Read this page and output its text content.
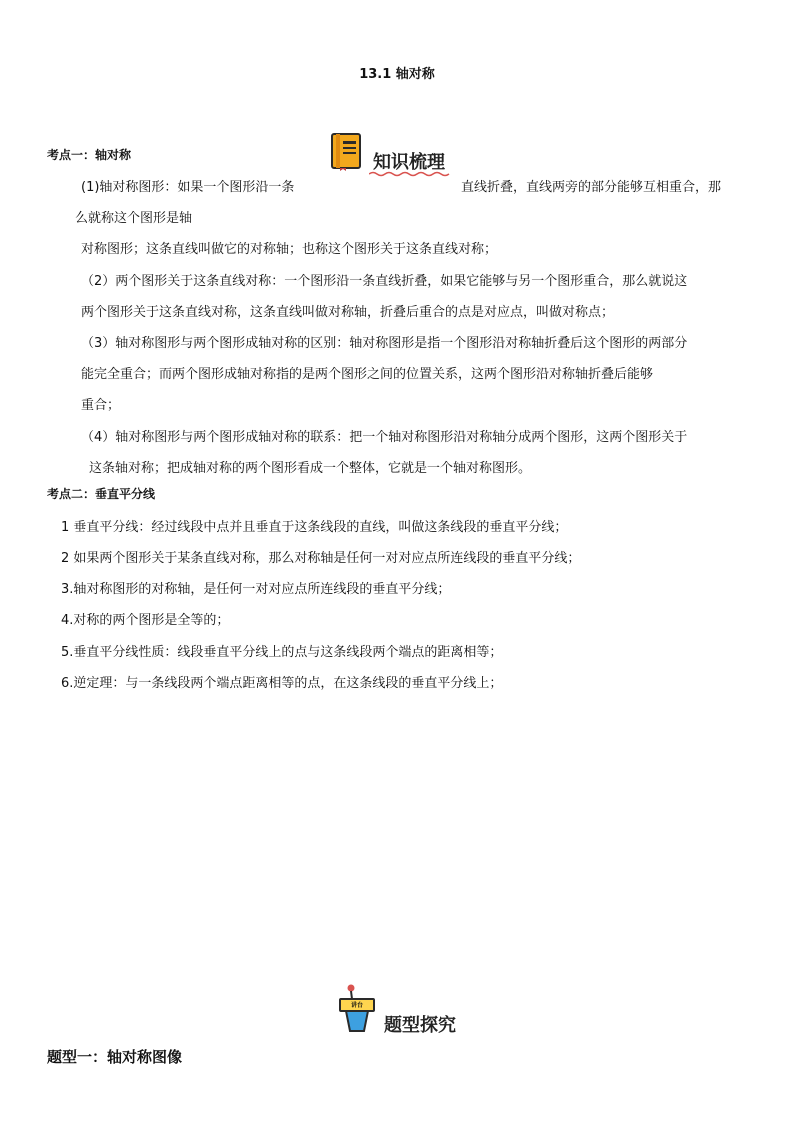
13.1 轴对称
考点一：轴对称	知识梳理
(1)轴对称图形：如果一个图形沿一条	直线折叠，直线两旁的部分能够互相重合，那
么就称这个图形是轴
对称图形；这条直线叫做它的对称轴；也称这个图形关于这条直线对称；
（2）两个图形关于这条直线对称：一个图形沿一条直线折叠，如果它能够与另一个图形重合，那么就说这
两个图形关于这条直线对称，这条直线叫做对称轴，折叠后重合的点是对应点，叫做对称点；
（3）轴对称图形与两个图形成轴对称的区别：轴对称图形是指一个图形沿对称轴折叠后这个图形的两部分
能完全重合；而两个图形成轴对称指的是两个图形之间的位置关系，这两个图形沿对称轴折叠后能够
重合；
（4）轴对称图形与两个图形成轴对称的联系：把一个轴对称图形沿对称轴分成两个图形，这两个图形关于
这条轴对称；把成轴对称的两个图形看成一个整体，它就是一个轴对称图形。
考点二：垂直平分线
1 垂直平分线：经过线段中点并且垂直于这条线段的直线，叫做这条线段的垂直平分线；
2 如果两个图形关于某条直线对称，那么对称轴是任何一对对应点所连线段的垂直平分线；
3.轴对称图形的对称轴，是任何一对对应点所连线段的垂直平分线；
4.对称的两个图形是全等的；
5.垂直平分线性质：线段垂直平分线上的点与这条线段两个端点的距离相等；
6.逆定理：与一条线段两个端点距离相等的点，在这条线段的垂直平分线上；
讲台
题型探究
题型一：轴对称图像
